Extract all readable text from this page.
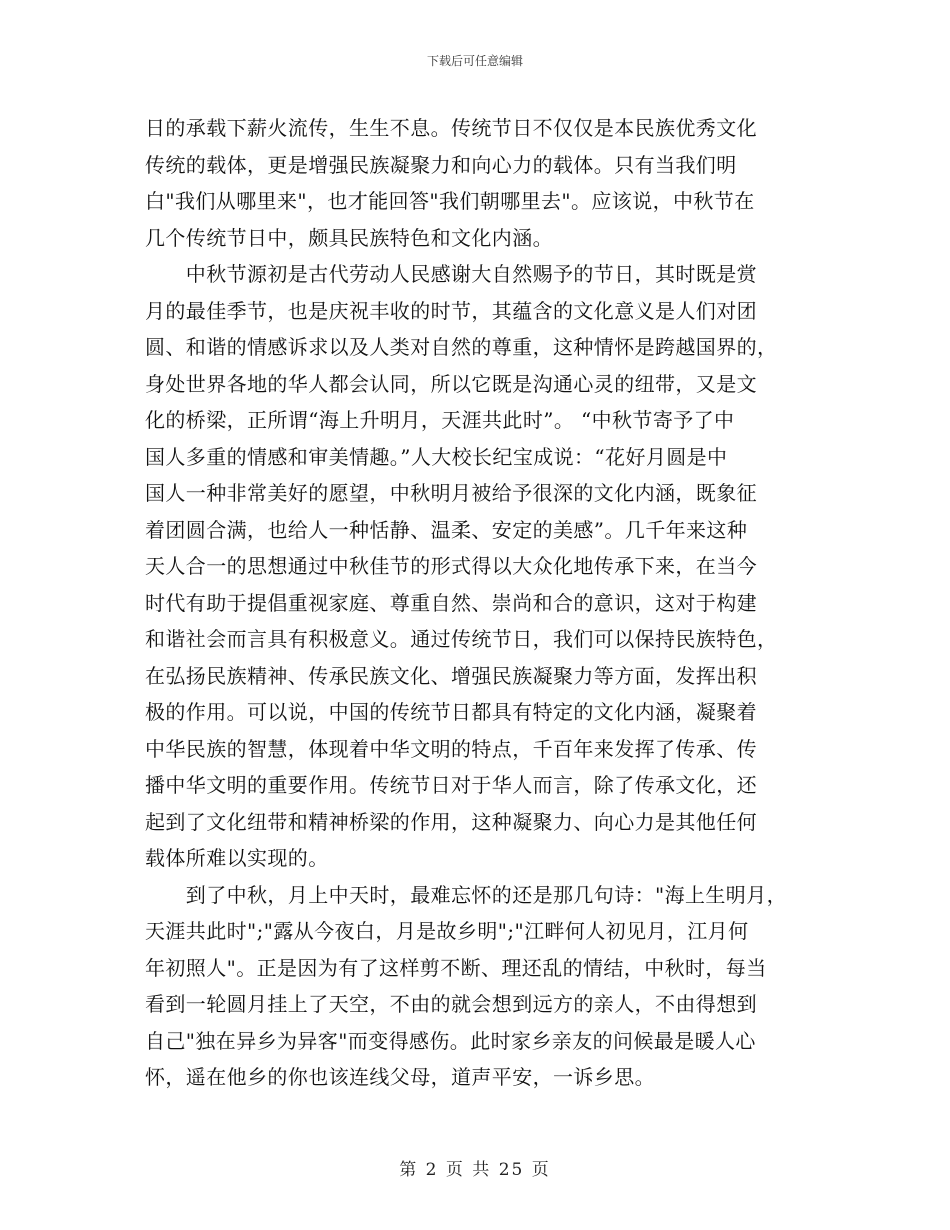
下载后可任意编辑
日的承载下薪火流传，生生不息。传统节日不仅仅是本民族优秀文化
传统的载体，更是增强民族凝聚力和向心力的载体。只有当我们明
白"我们从哪里来"，也才能回答"我们朝哪里去"。应该说，中秋节在
几个传统节日中，颇具民族特色和文化内涵。
　　中秋节源初是古代劳动人民感谢大自然赐予的节日，其时既是赏
月的最佳季节，也是庆祝丰收的时节，其蕴含的文化意义是人们对团
圆、和谐的情感诉求以及人类对自然的尊重，这种情怀是跨越国界的，
身处世界各地的华人都会认同，所以它既是沟通心灵的纽带，又是文
化的桥梁，正所谓“海上升明月，天涯共此时”。 “中秋节寄予了中
国人多重的情感和审美情趣。”人大校长纪宝成说：“花好月圆是中
国人一种非常美好的愿望，中秋明月被给予很深的文化内涵，既象征
着团圆合满，也给人一种恬静、温柔、安定的美感”。几千年来这种
天人合一的思想通过中秋佳节的形式得以大众化地传承下来，在当今
时代有助于提倡重视家庭、尊重自然、崇尚和合的意识，这对于构建
和谐社会而言具有积极意义。通过传统节日，我们可以保持民族特色，
在弘扬民族精神、传承民族文化、增强民族凝聚力等方面，发挥出积
极的作用。可以说，中国的传统节日都具有特定的文化内涵，凝聚着
中华民族的智慧，体现着中华文明的特点，千百年来发挥了传承、传
播中华文明的重要作用。传统节日对于华人而言，除了传承文化，还
起到了文化纽带和精神桥梁的作用，这种凝聚力、向心力是其他任何
载体所难以实现的。
　　到了中秋，月上中天时，最难忘怀的还是那几句诗："海上生明月，
天涯共此时";"露从今夜白，月是故乡明";"江畔何人初见月，江月何
年初照人"。正是因为有了这样剪不断、理还乱的情结，中秋时，每当
看到一轮圆月挂上了天空，不由的就会想到远方的亲人，不由得想到
自己"独在异乡为异客"而变得感伤。此时家乡亲友的问候最是暖人心
怀，遥在他乡的你也该连线父母，道声平安，一诉乡思。
第 2 页 共 25 页
